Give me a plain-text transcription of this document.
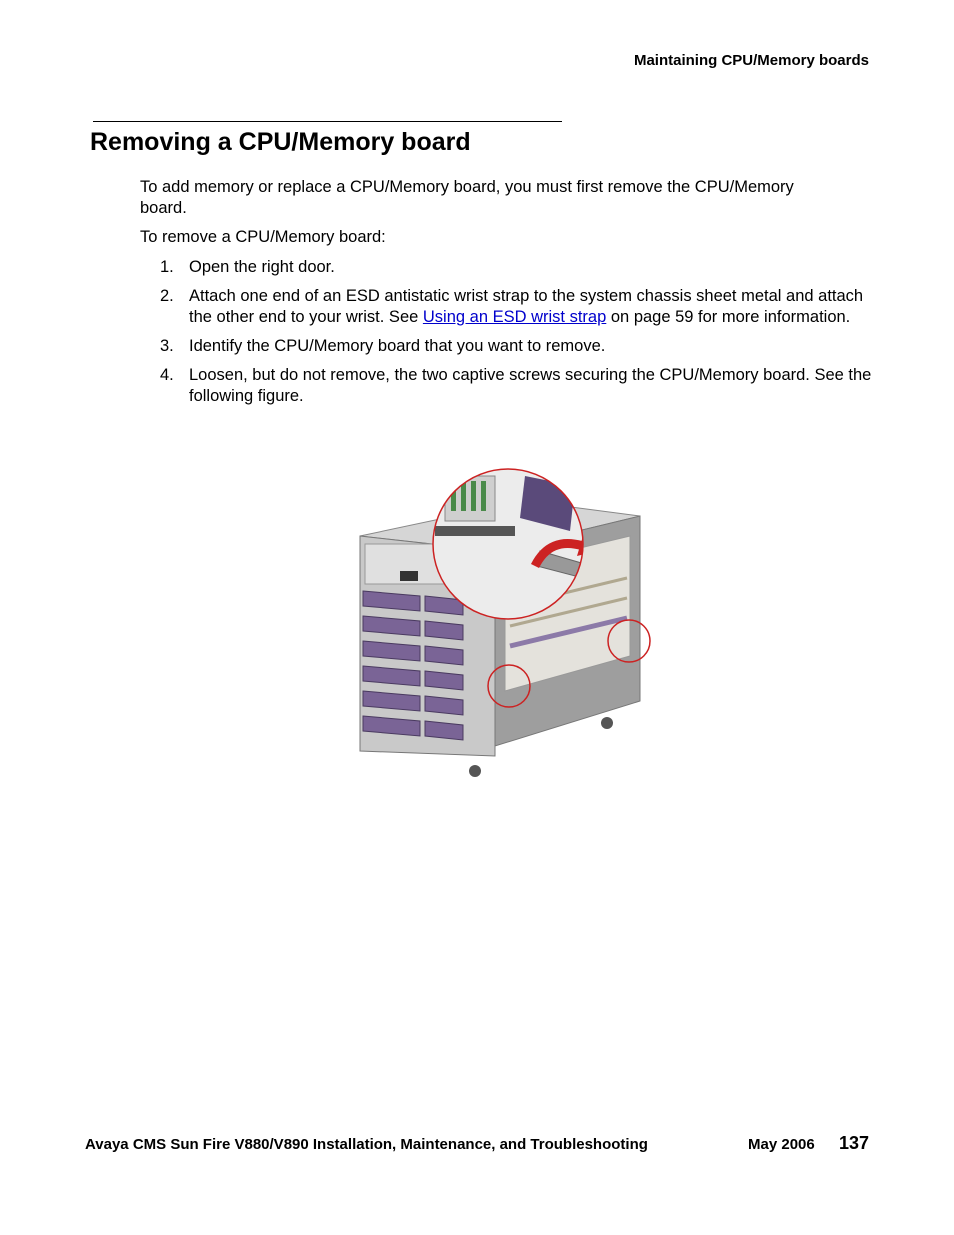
Maintaining CPU/Memory boards
Removing a CPU/Memory board
To add memory or replace a CPU/Memory board, you must first remove the CPU/Memory board.
To remove a CPU/Memory board:
1. Open the right door.
2. Attach one end of an ESD antistatic wrist strap to the system chassis sheet metal and attach the other end to your wrist. See Using an ESD wrist strap on page 59 for more information.
3. Identify the CPU/Memory board that you want to remove.
4. Loosen, but do not remove, the two captive screws securing the CPU/Memory board. See the following figure.
Avaya CMS Sun Fire V880/V890 Installation, Maintenance, and Troubleshooting	May 2006 137
